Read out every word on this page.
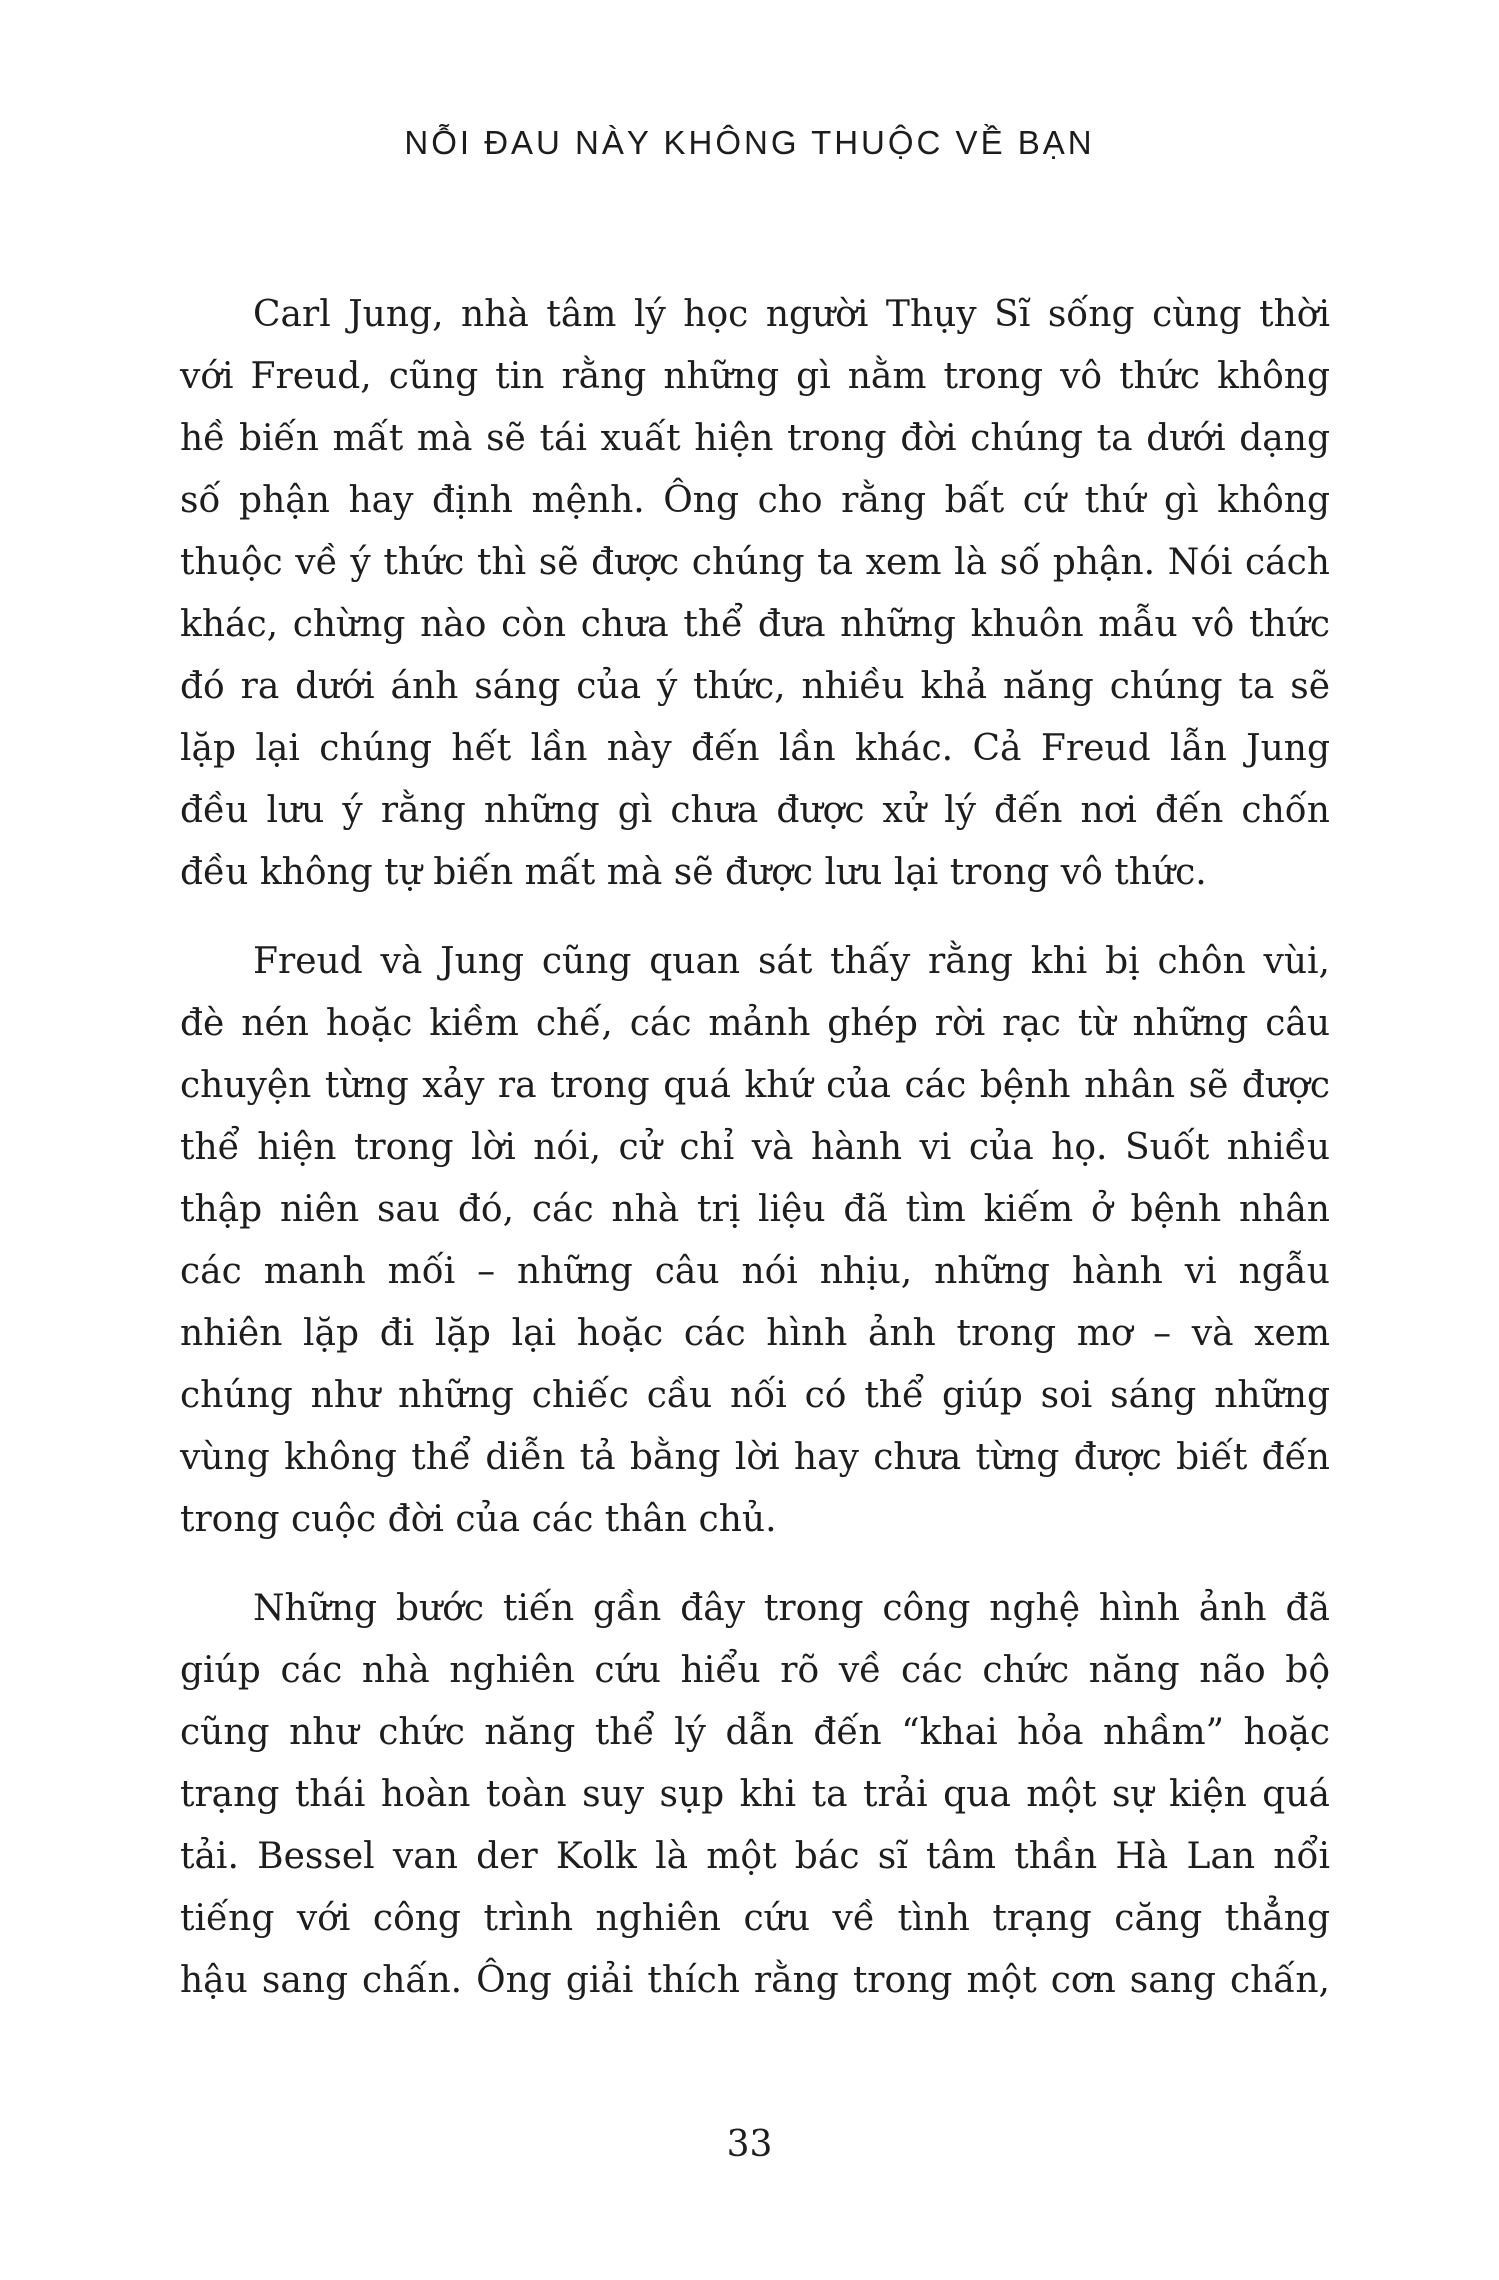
NỖI ĐAU NÀY KHÔNG THUỘC VỀ BẠN
Carl Jung, nhà tâm lý học người Thụy Sĩ sống cùng thời
với Freud, cũng tin rằng những gì nằm trong vô thức không
hề biến mất mà sẽ tái xuất hiện trong đời chúng ta dưới dạng
số phận hay định mệnh. Ông cho rằng bất cứ thứ gì không
thuộc về ý thức thì sẽ được chúng ta xem là số phận. Nói cách
khác, chừng nào còn chưa thể đưa những khuôn mẫu vô thức
đó ra dưới ánh sáng của ý thức, nhiều khả năng chúng ta sẽ
lặp lại chúng hết lần này đến lần khác. Cả Freud lẫn Jung
đều lưu ý rằng những gì chưa được xử lý đến nơi đến chốn
đều không tự biến mất mà sẽ được lưu lại trong vô thức.
Freud và Jung cũng quan sát thấy rằng khi bị chôn vùi,
đè nén hoặc kiềm chế, các mảnh ghép rời rạc từ những câu
chuyện từng xảy ra trong quá khứ của các bệnh nhân sẽ được
thể hiện trong lời nói, cử chỉ và hành vi của họ. Suốt nhiều
thập niên sau đó, các nhà trị liệu đã tìm kiếm ở bệnh nhân
các manh mối – những câu nói nhịu, những hành vi ngẫu
nhiên lặp đi lặp lại hoặc các hình ảnh trong mơ – và xem
chúng như những chiếc cầu nối có thể giúp soi sáng những
vùng không thể diễn tả bằng lời hay chưa từng được biết đến
trong cuộc đời của các thân chủ.
Những bước tiến gần đây trong công nghệ hình ảnh đã
giúp các nhà nghiên cứu hiểu rõ về các chức năng não bộ
cũng như chức năng thể lý dẫn đến “khai hỏa nhầm” hoặc
trạng thái hoàn toàn suy sụp khi ta trải qua một sự kiện quá
tải. Bessel van der Kolk là một bác sĩ tâm thần Hà Lan nổi
tiếng với công trình nghiên cứu về tình trạng căng thẳng
hậu sang chấn. Ông giải thích rằng trong một cơn sang chấn,
33
